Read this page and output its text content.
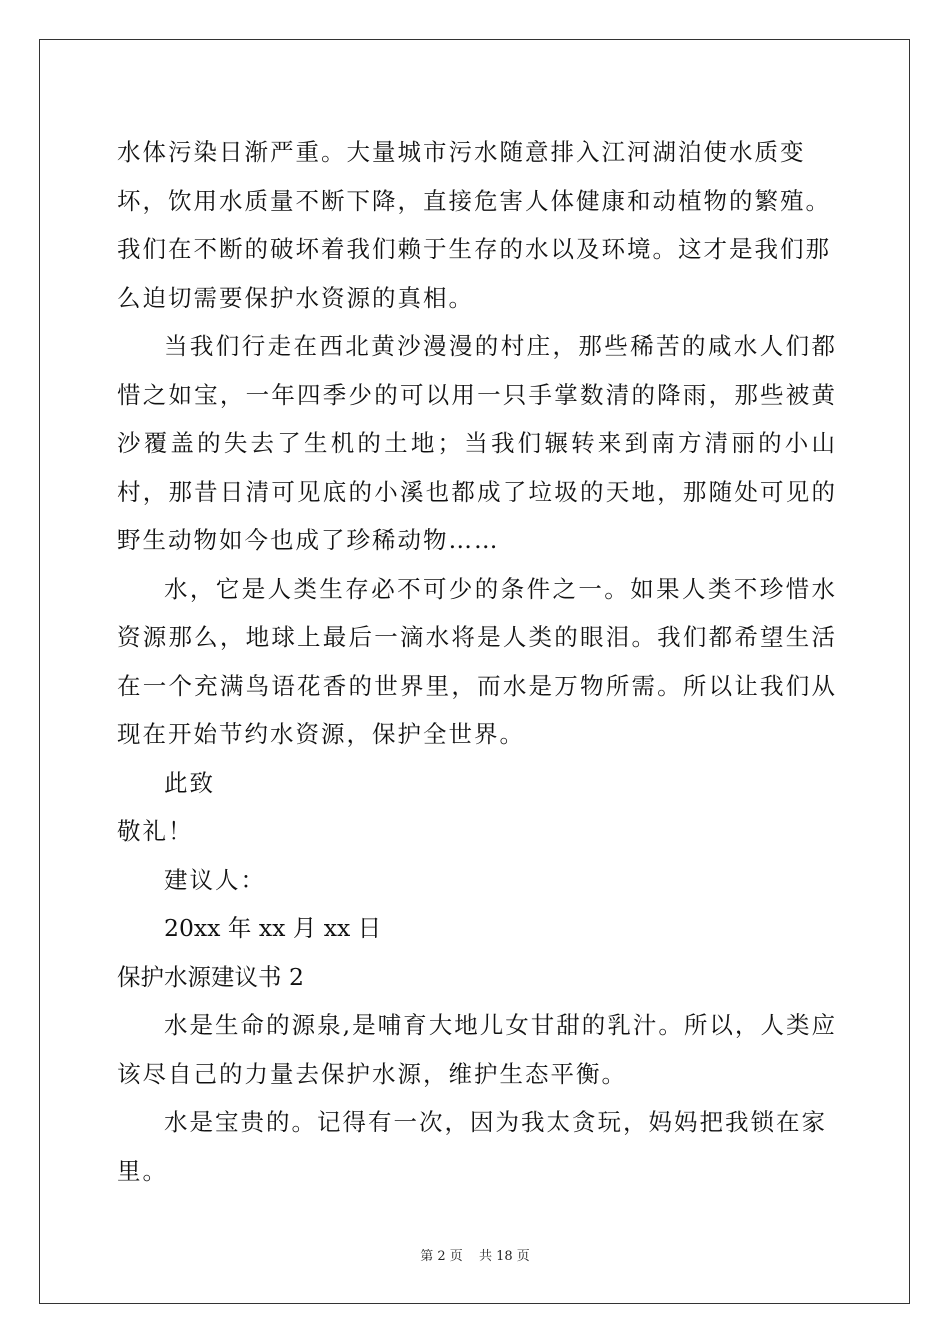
水体污染日渐严重。大量城市污水随意排入江河湖泊使水质变坏，饮用水质量不断下降，直接危害人体健康和动植物的繁殖。我们在不断的破坏着我们赖于生存的水以及环境。这才是我们那么迫切需要保护水资源的真相。

当我们行走在西北黄沙漫漫的村庄，那些稀苦的咸水人们都惜之如宝，一年四季少的可以用一只手掌数清的降雨，那些被黄沙覆盖的失去了生机的土地；当我们辗转来到南方清丽的小山村，那昔日清可见底的小溪也都成了垃圾的天地，那随处可见的野生动物如今也成了珍稀动物……

水，它是人类生存必不可少的条件之一。如果人类不珍惜水资源那么，地球上最后一滴水将是人类的眼泪。我们都希望生活在一个充满鸟语花香的世界里，而水是万物所需。所以让我们从现在开始节约水资源，保护全世界。

此致

敬礼！

建议人：

20xx 年 xx 月 xx 日

保护水源建议书 2

水是生命的源泉,是哺育大地儿女甘甜的乳汁。所以，人类应该尽自己的力量去保护水源，维护生态平衡。

水是宝贵的。记得有一次，因为我太贪玩，妈妈把我锁在家里。

第 2 页 共 18 页
